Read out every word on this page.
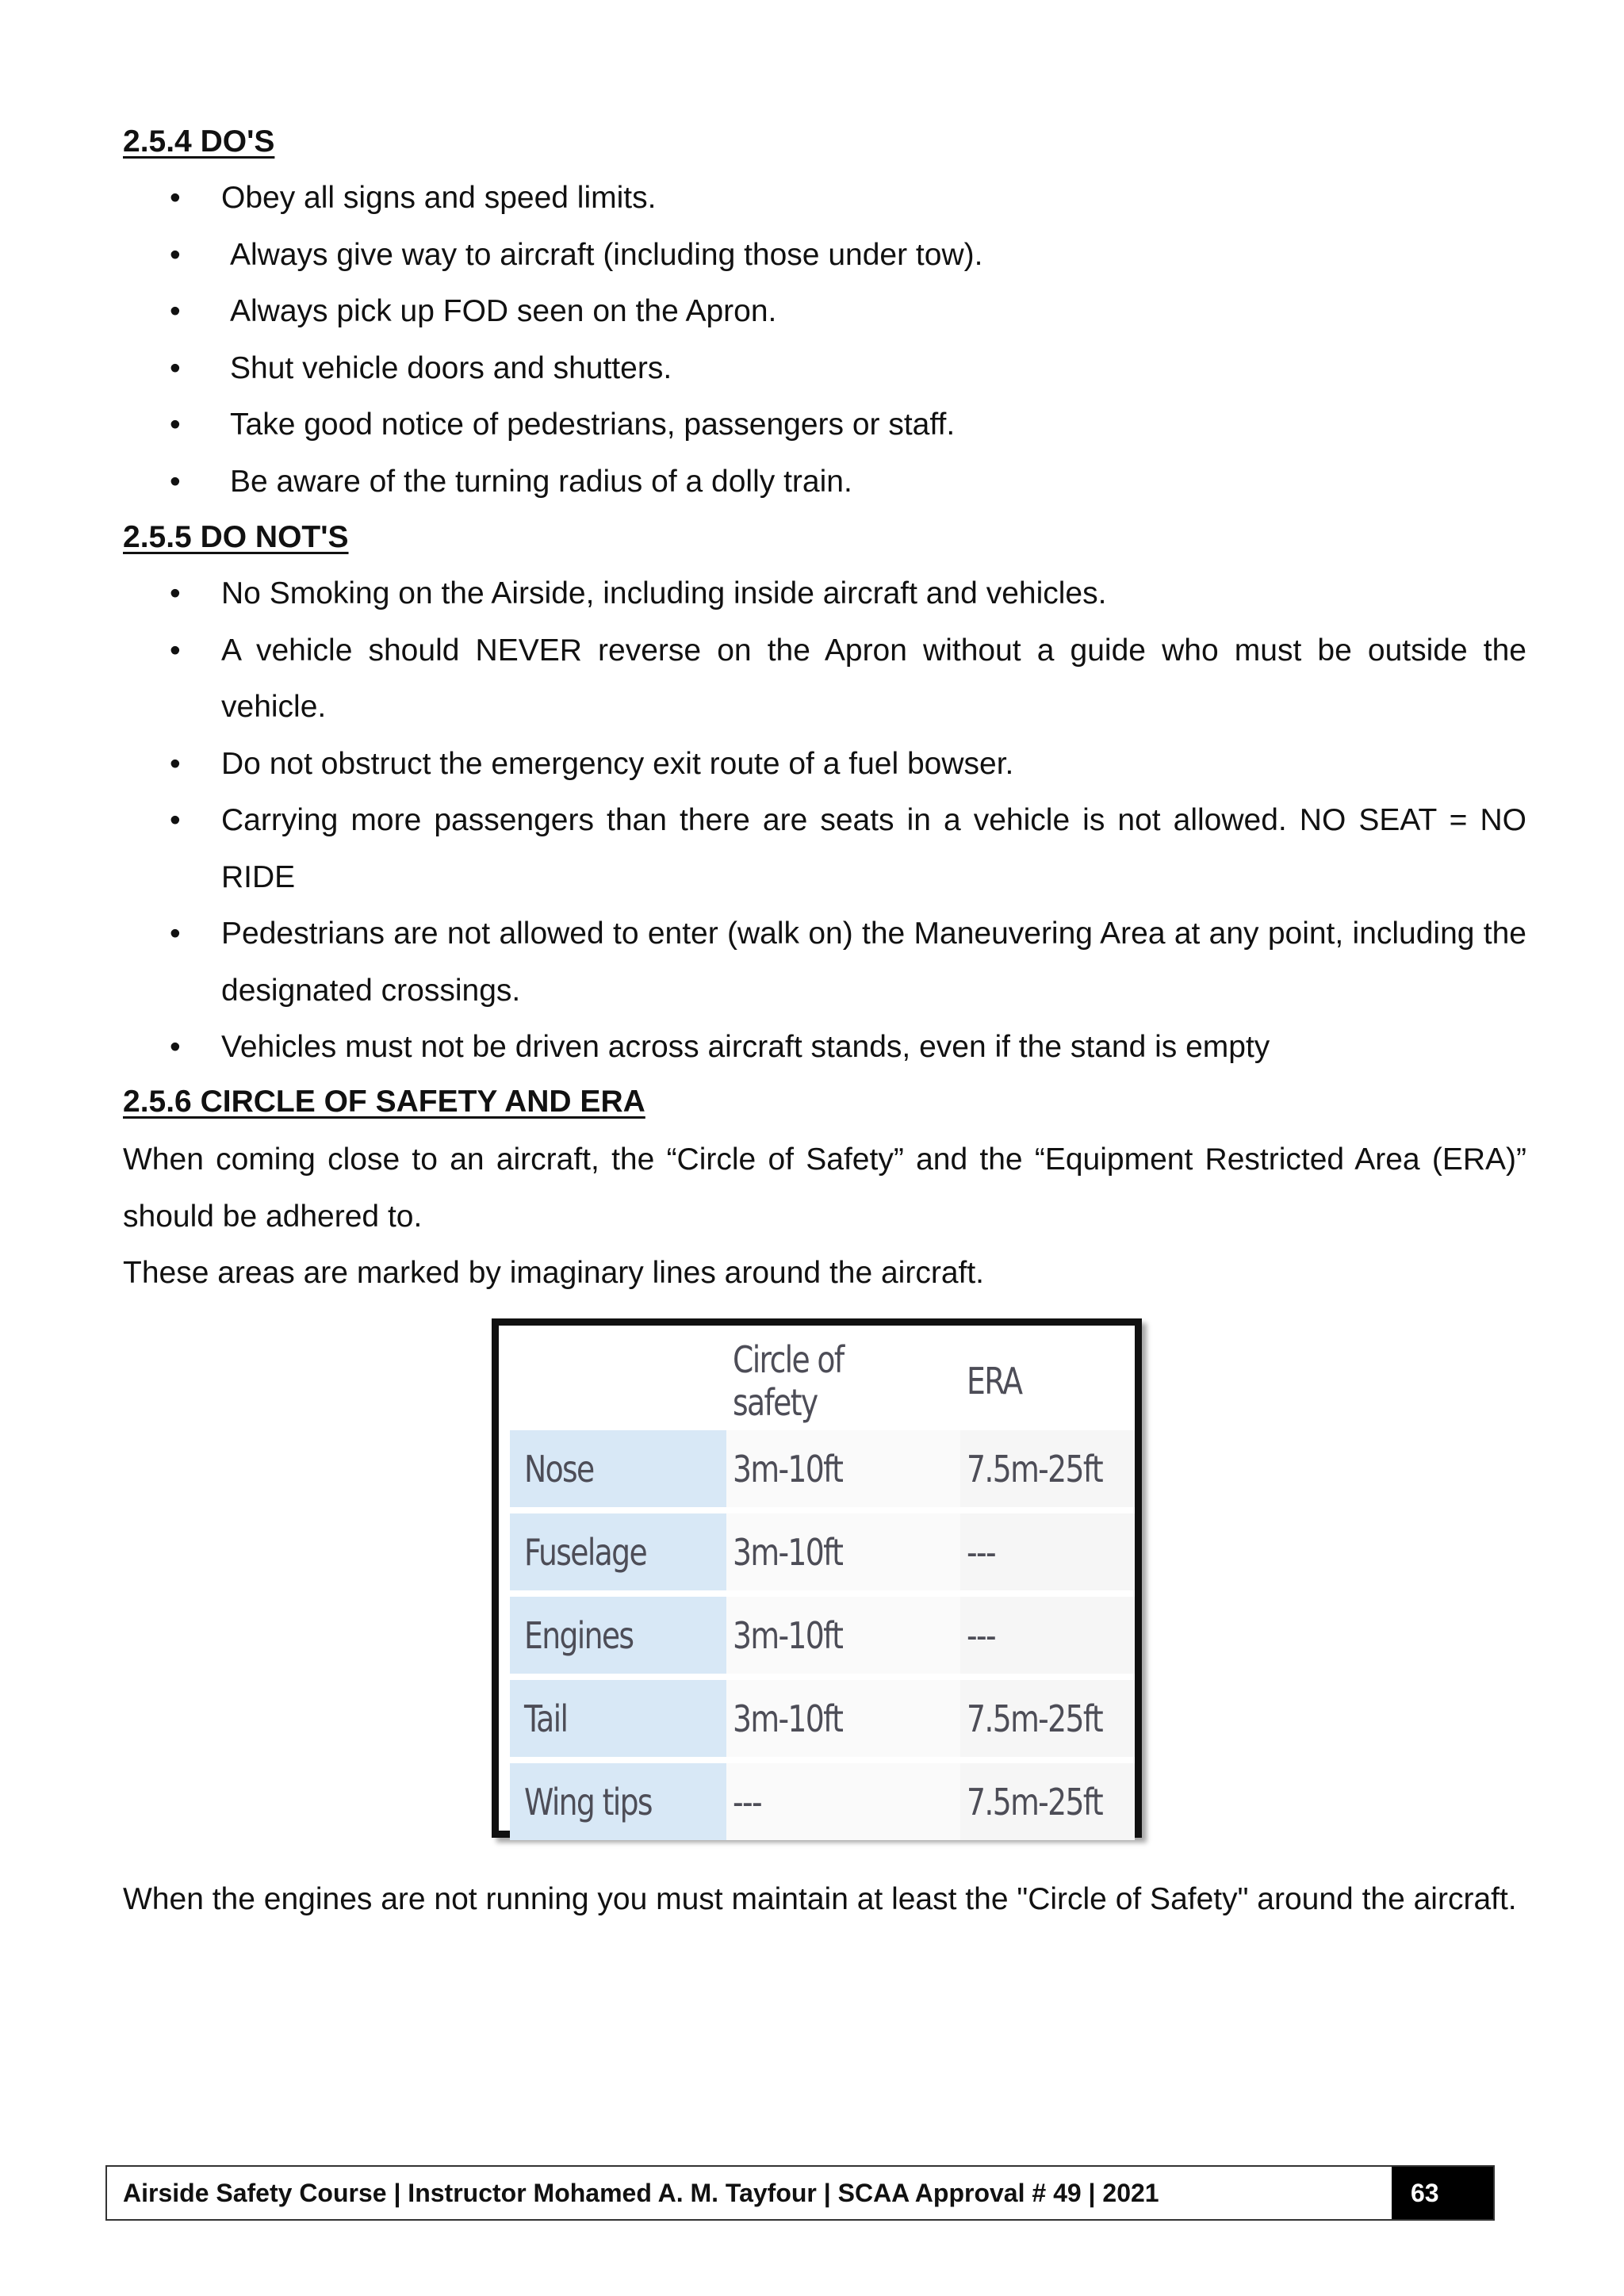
2.5.4 DO'S
• Obey all signs and speed limits.
• Always give way to aircraft (including those under tow).
• Always pick up FOD seen on the Apron.
• Shut vehicle doors and shutters.
• Take good notice of pedestrians, passengers or staff.
• Be aware of the turning radius of a dolly train.
2.5.5 DO NOT'S
• No Smoking on the Airside, including inside aircraft and vehicles.
• A vehicle should NEVER reverse on the Apron without a guide who must be outside the vehicle.
• Do not obstruct the emergency exit route of a fuel bowser.
• Carrying more passengers than there are seats in a vehicle is not allowed. NO SEAT = NO RIDE
• Pedestrians are not allowed to enter (walk on) the Maneuvering Area at any point, including the designated crossings.
• Vehicles must not be driven across aircraft stands, even if the stand is empty
2.5.6 CIRCLE OF SAFETY AND ERA

When coming close to an aircraft, the “Circle of Safety” and the “Equipment Restricted Area (ERA)” should be adhered to.

These areas are marked by imaginary lines around the aircraft.

	Circle of safety	ERA
Nose	3m-10ft	7.5m-25ft
Fuselage	3m-10ft	---
Engines	3m-10ft	---
Tail	3m-10ft	7.5m-25ft
Wing tips	---	7.5m-25ft

When the engines are not running you must maintain at least the "Circle of Safety" around the aircraft.

Airside Safety Course | Instructor Mohamed A. M. Tayfour | SCAA Approval # 49 | 2021	63
